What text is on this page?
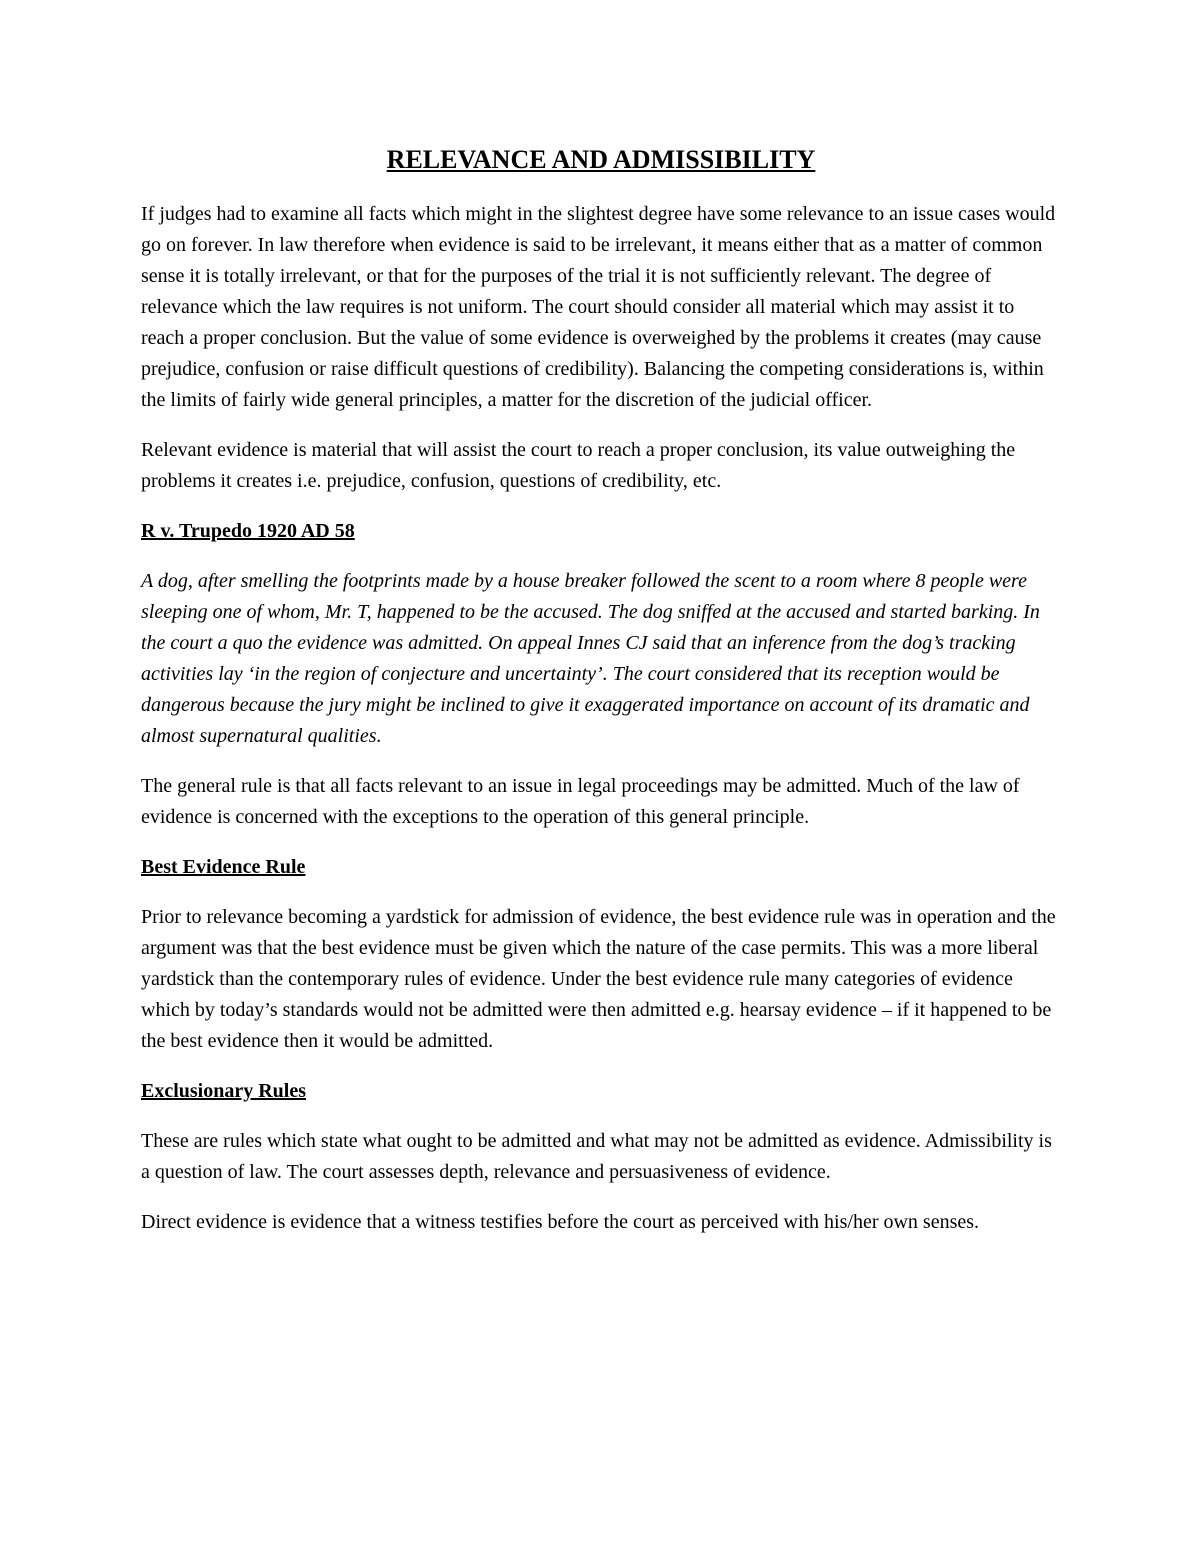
RELEVANCE AND ADMISSIBILITY

If judges had to examine all facts which might in the slightest degree have some relevance to an issue cases would go on forever. In law therefore when evidence is said to be irrelevant, it means either that as a matter of common sense it is totally irrelevant, or that for the purposes of the trial it is not sufficiently relevant. The degree of relevance which the law requires is not uniform. The court should consider all material which may assist it to reach a proper conclusion. But the value of some evidence is overweighed by the problems it creates (may cause prejudice, confusion or raise difficult questions of credibility). Balancing the competing considerations is, within the limits of fairly wide general principles, a matter for the discretion of the judicial officer.

Relevant evidence is material that will assist the court to reach a proper conclusion, its value outweighing the problems it creates i.e. prejudice, confusion, questions of credibility, etc.

R v. Trupedo 1920 AD 58

A dog, after smelling the footprints made by a house breaker followed the scent to a room where 8 people were sleeping one of whom, Mr. T, happened to be the accused. The dog sniffed at the accused and started barking. In the court a quo the evidence was admitted. On appeal Innes CJ said that an inference from the dog’s tracking activities lay ‘in the region of conjecture and uncertainty’. The court considered that its reception would be dangerous because the jury might be inclined to give it exaggerated importance on account of its dramatic and almost supernatural qualities.

The general rule is that all facts relevant to an issue in legal proceedings may be admitted. Much of the law of evidence is concerned with the exceptions to the operation of this general principle.

Best Evidence Rule

Prior to relevance becoming a yardstick for admission of evidence, the best evidence rule was in operation and the argument was that the best evidence must be given which the nature of the case permits. This was a more liberal yardstick than the contemporary rules of evidence. Under the best evidence rule many categories of evidence which by today’s standards would not be admitted were then admitted e.g. hearsay evidence – if it happened to be the best evidence then it would be admitted.

Exclusionary Rules

These are rules which state what ought to be admitted and what may not be admitted as evidence. Admissibility is a question of law. The court assesses depth, relevance and persuasiveness of evidence.

Direct evidence is evidence that a witness testifies before the court as perceived with his/her own senses.
